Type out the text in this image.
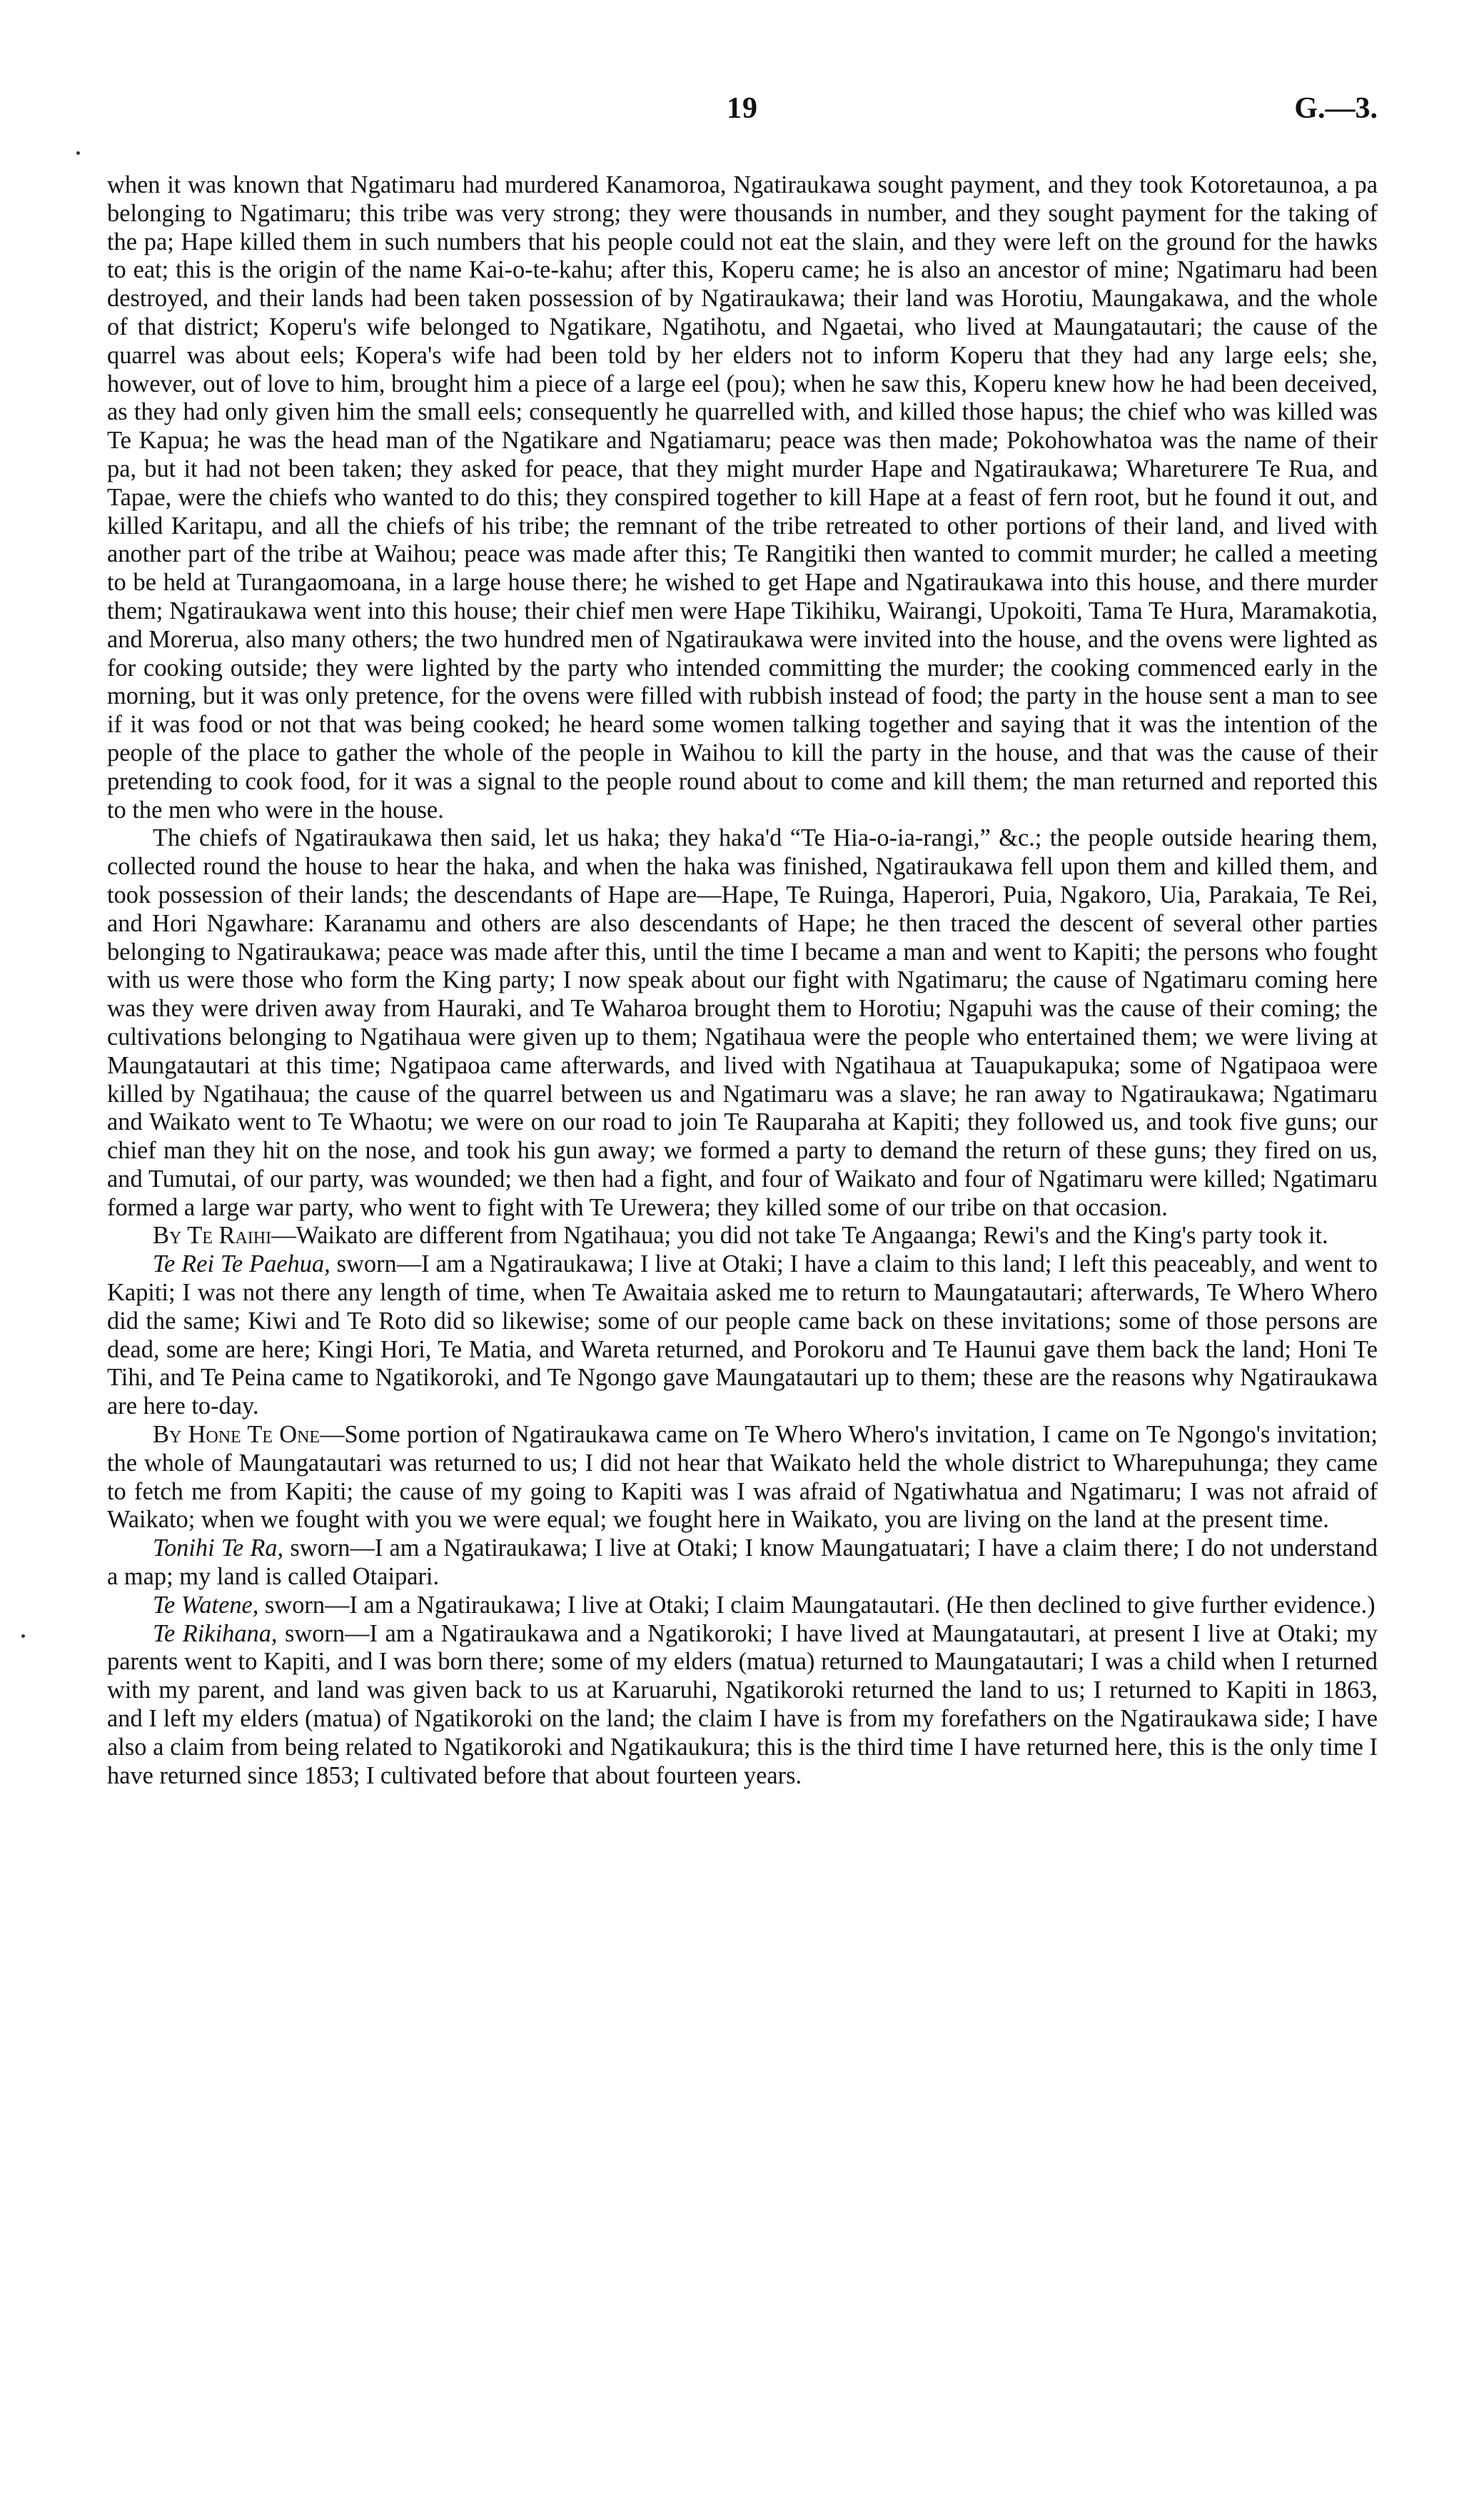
19	G.—3.

when it was known that Ngatimaru had murdered Kanamoroa, Ngatiraukawa sought payment, and they took Kotoretaunoa, a pa belonging to Ngatimaru; this tribe was very strong; they were thousands in number, and they sought payment for the taking of the pa; Hape killed them in such numbers that his people could not eat the slain, and they were left on the ground for the hawks to eat; this is the origin of the name Kai-o-te-kahu; after this, Koperu came; he is also an ancestor of mine; Ngatimaru had been destroyed, and their lands had been taken possession of by Ngatiraukawa; their land was Horotiu, Maungakawa, and the whole of that district; Koperu's wife belonged to Ngatikare, Ngatihotu, and Ngaetai, who lived at Maungatautari; the cause of the quarrel was about eels; Kopera's wife had been told by her elders not to inform Koperu that they had any large eels; she, however, out of love to him, brought him a piece of a large eel (pou); when he saw this, Koperu knew how he had been deceived, as they had only given him the small eels; consequently he quarrelled with, and killed those hapus; the chief who was killed was Te Kapua; he was the head man of the Ngatikare and Ngatiamaru; peace was then made; Pokohowhatoa was the name of their pa, but it had not been taken; they asked for peace, that they might murder Hape and Ngatiraukawa; Whareturere Te Rua, and Tapae, were the chiefs who wanted to do this; they conspired together to kill Hape at a feast of fern root, but he found it out, and killed Karitapu, and all the chiefs of his tribe; the remnant of the tribe retreated to other portions of their land, and lived with another part of the tribe at Waihou; peace was made after this; Te Rangitiki then wanted to commit murder; he called a meeting to be held at Turangaomoana, in a large house there; he wished to get Hape and Ngatiraukawa into this house, and there murder them; Ngatiraukawa went into this house; their chief men were Hape Tikihiku, Wairangi, Upokoiti, Tama Te Hura, Maramakotia, and Morerua, also many others; the two hundred men of Ngatiraukawa were invited into the house, and the ovens were lighted as for cooking outside; they were lighted by the party who intended committing the murder; the cooking commenced early in the morning, but it was only pretence, for the ovens were filled with rubbish instead of food; the party in the house sent a man to see if it was food or not that was being cooked; he heard some women talking together and saying that it was the intention of the people of the place to gather the whole of the people in Waihou to kill the party in the house, and that was the cause of their pretending to cook food, for it was a signal to the people round about to come and kill them; the man returned and reported this to the men who were in the house.

The chiefs of Ngatiraukawa then said, let us haka; they haka'd “Te Hia-o-ia-rangi,” &c.; the people outside hearing them, collected round the house to hear the haka, and when the haka was finished, Ngatiraukawa fell upon them and killed them, and took possession of their lands; the descendants of Hape are—Hape, Te Ruinga, Haperori, Puia, Ngakoro, Uia, Parakaia, Te Rei, and Hori Ngawhare: Karanamu and others are also descendants of Hape; he then traced the descent of several other parties belonging to Ngatiraukawa; peace was made after this, until the time I became a man and went to Kapiti; the persons who fought with us were those who form the King party; I now speak about our fight with Ngatimaru; the cause of Ngatimaru coming here was they were driven away from Hauraki, and Te Waharoa brought them to Horotiu; Ngapuhi was the cause of their coming; the cultivations belonging to Ngatihaua were given up to them; Ngatihaua were the people who entertained them; we were living at Maungatautari at this time; Ngatipaoa came afterwards, and lived with Ngatihaua at Tauapukapuka; some of Ngatipaoa were killed by Ngatihaua; the cause of the quarrel between us and Ngatimaru was a slave; he ran away to Ngatiraukawa; Ngatimaru and Waikato went to Te Whaotu; we were on our road to join Te Rauparaha at Kapiti; they followed us, and took five guns; our chief man they hit on the nose, and took his gun away; we formed a party to demand the return of these guns; they fired on us, and Tumutai, of our party, was wounded; we then had a fight, and four of Waikato and four of Ngatimaru were killed; Ngatimaru formed a large war party, who went to fight with Te Urewera; they killed some of our tribe on that occasion.

By Te Raihi—Waikato are different from Ngatihaua; you did not take Te Angaanga; Rewi's and the King's party took it.

Te Rei Te Paehua, sworn—I am a Ngatiraukawa; I live at Otaki; I have a claim to this land; I left this peaceably, and went to Kapiti; I was not there any length of time, when Te Awaitaia asked me to return to Maungatautari; afterwards, Te Whero Whero did the same; Kiwi and Te Roto did so likewise; some of our people came back on these invitations; some of those persons are dead, some are here; Kingi Hori, Te Matia, and Wareta returned, and Porokoru and Te Haunui gave them back the land; Honi Te Tihi, and Te Peina came to Ngatikoroki, and Te Ngongo gave Maungatautari up to them; these are the reasons why Ngatiraukawa are here to-day.

By Hone Te One—Some portion of Ngatiraukawa came on Te Whero Whero's invitation, I came on Te Ngongo's invitation; the whole of Maungatautari was returned to us; I did not hear that Waikato held the whole district to Wharepuhunga; they came to fetch me from Kapiti; the cause of my going to Kapiti was I was afraid of Ngatiwhatua and Ngatimaru; I was not afraid of Waikato; when we fought with you we were equal; we fought here in Waikato, you are living on the land at the present time.

Tonihi Te Ra, sworn—I am a Ngatiraukawa; I live at Otaki; I know Maungatuatari; I have a claim there; I do not understand a map; my land is called Otaipari.

Te Watene, sworn—I am a Ngatiraukawa; I live at Otaki; I claim Maungatautari. (He then declined to give further evidence.)

Te Rikihana, sworn—I am a Ngatiraukawa and a Ngatikoroki; I have lived at Maungatautari, at present I live at Otaki; my parents went to Kapiti, and I was born there; some of my elders (matua) returned to Maungatautari; I was a child when I returned with my parent, and land was given back to us at Karuaruhi, Ngatikoroki returned the land to us; I returned to Kapiti in 1863, and I left my elders (matua) of Ngatikoroki on the land; the claim I have is from my forefathers on the Ngatiraukawa side; I have also a claim from being related to Ngatikoroki and Ngatikaukura; this is the third time I have returned here, this is the only time I have returned since 1853; I cultivated before that about fourteen years.
